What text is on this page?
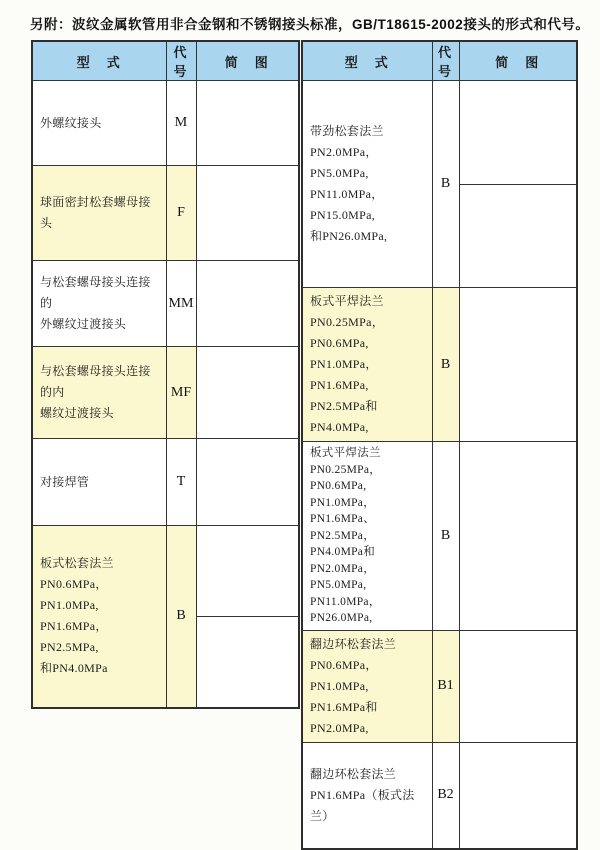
另附：波纹金属软管用非合金钢和不锈钢接头标准，GB/T18615-2002接头的形式和代号。
型　式	代号	简　图

外螺纹接头	M	

球面密封松套螺母接头	F	

与松套螺母接头连接的
外螺纹过渡接头	MM	

与松套螺母接头连接的内
螺纹过渡接头	MF	

对接焊管	T	

板式松套法兰
PN0.6MPa，PN1.0MPa,
PN1.6MPa，PN2.5MPa,
和PN4.0MPa	B	
型　式	代号	简　图

带劲松套法兰
PN2.0MPa，PN5.0MPa,
PN11.0MPa，PN15.0MPa,
和PN26.0MPa,	B	

板式平焊法兰
PN0.25MPa，PN0.6MPa,
PN1.0MPa，PN1.6MPa,
PN2.5MPa和PN4.0MPa,	B	

板式平焊法兰
PN0.25MPa，PN0.6MPa,
PN1.0MPa，PN1.6MPa、
PN2.5MPa，PN4.0MPa和
PN2.0MPa，PN5.0MPa,
PN11.0MPa，PN26.0MPa,
	B	

翻边环松套法兰
PN0.6MPa，PN1.0MPa,
PN1.6MPa和PN2.0MPa,	B1	

翻边环松套法兰
PN1.6MPa（板式法兰）	B2	
